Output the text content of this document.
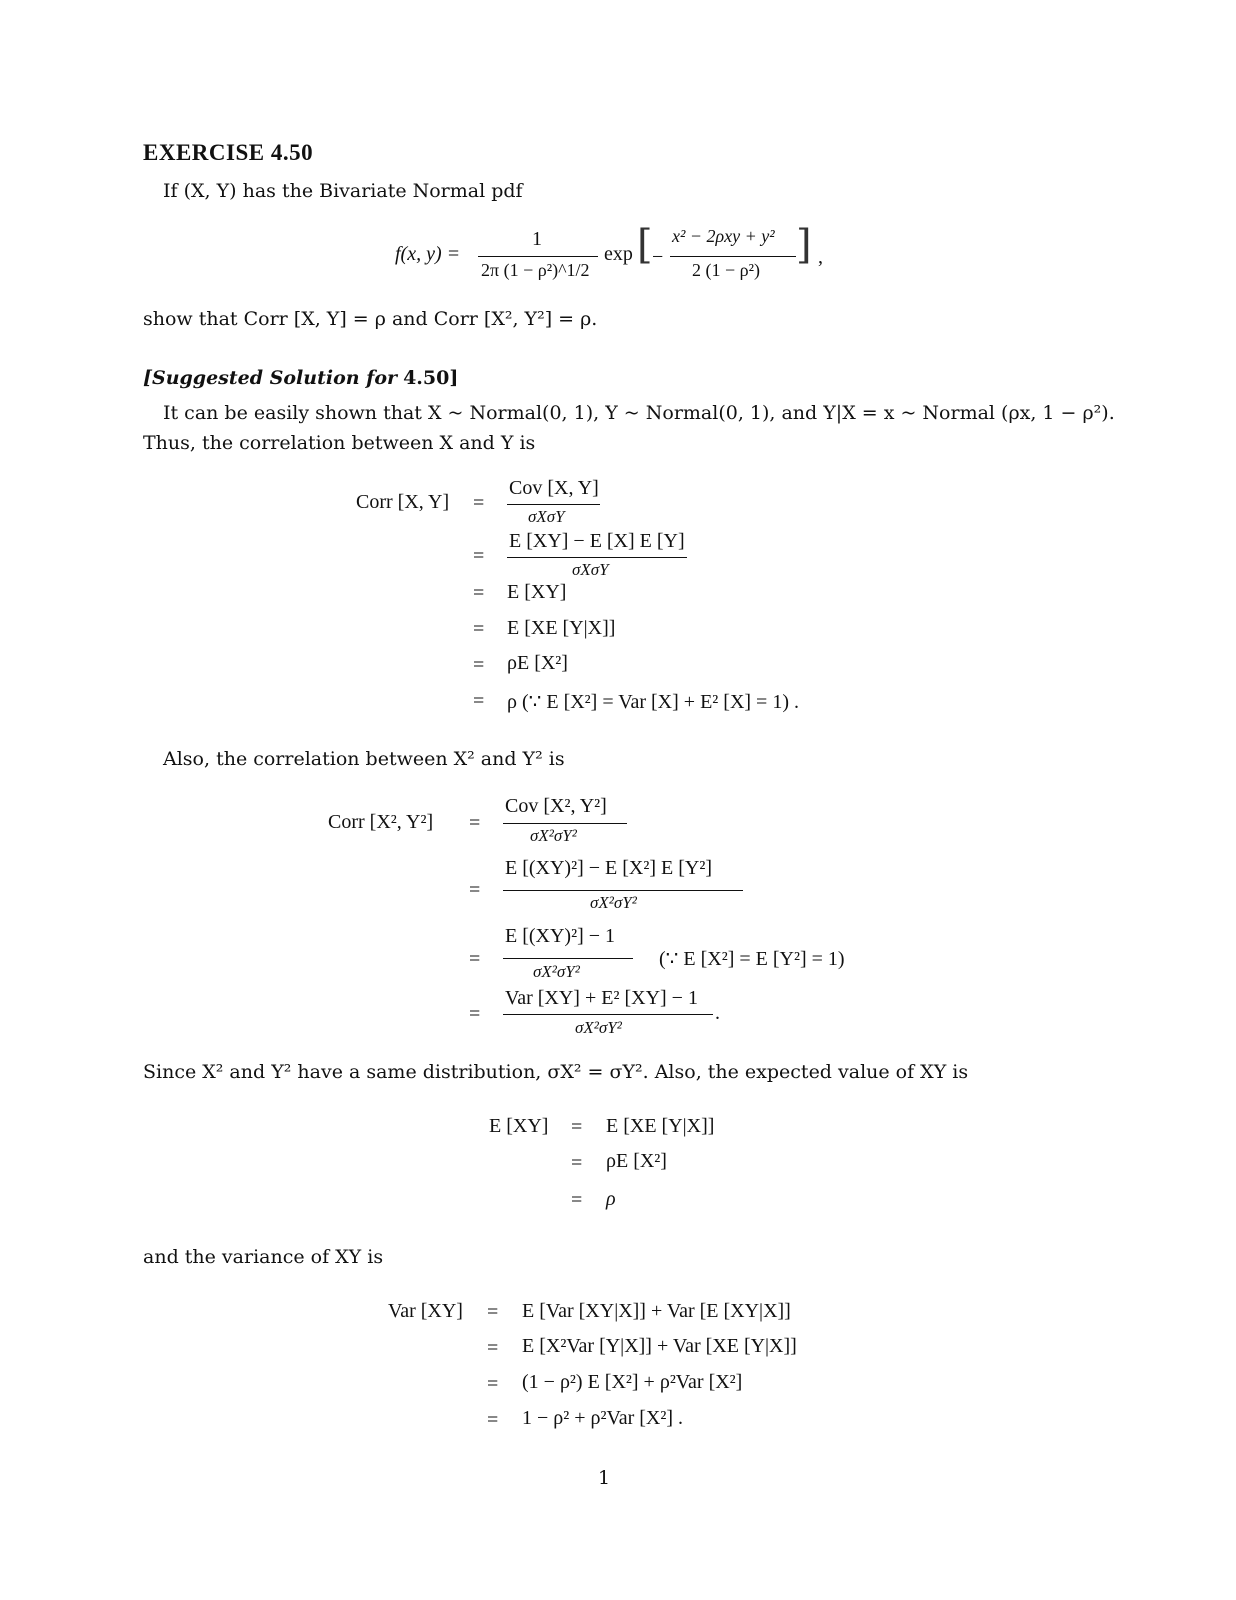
EXERCISE 4.50
If (X, Y) has the Bivariate Normal pdf
f(x, y) =
1
2π (1 − ρ²)^1/2
exp [ −
x² − 2ρxy + y²
2 (1 − ρ²)
] ,
show that Corr [X, Y] = ρ and Corr [X², Y²] = ρ.
[Suggested Solution for 4.50]
It can be easily shown that X ~ Normal(0, 1), Y ~ Normal(0, 1), and Y|X = x ~ Normal (ρx, 1 − ρ²).
Thus, the correlation between X and Y is
Corr [X, Y] =
Cov [X, Y]
σXσY
=
E [XY] − E [X] E [Y]
σXσY
= E [XY]
= E [XE [Y|X]]
= ρE [X²]
= ρ (∵ E [X²] = Var [X] + E² [X] = 1) .
Also, the correlation between X² and Y² is
Corr [X², Y²] =
Cov [X², Y²]
σX²σY²
=
E [(XY)²] − E [X²] E [Y²]
σX²σY²
=
E [(XY)²] − 1
σX²σY²
(∵ E [X²] = E [Y²] = 1)
=
Var [XY] + E² [XY] − 1
σX²σY²
.
Since X² and Y² have a same distribution, σX² = σY². Also, the expected value of XY is
E [XY] = E [XE [Y|X]]
= ρE [X²]
= ρ
and the variance of XY is
Var [XY] = E [Var [XY|X]] + Var [E [XY|X]]
= E [X²Var [Y|X]] + Var [XE [Y|X]]
= (1 − ρ²) E [X²] + ρ²Var [X²]
= 1 − ρ² + ρ²Var [X²] .
1
